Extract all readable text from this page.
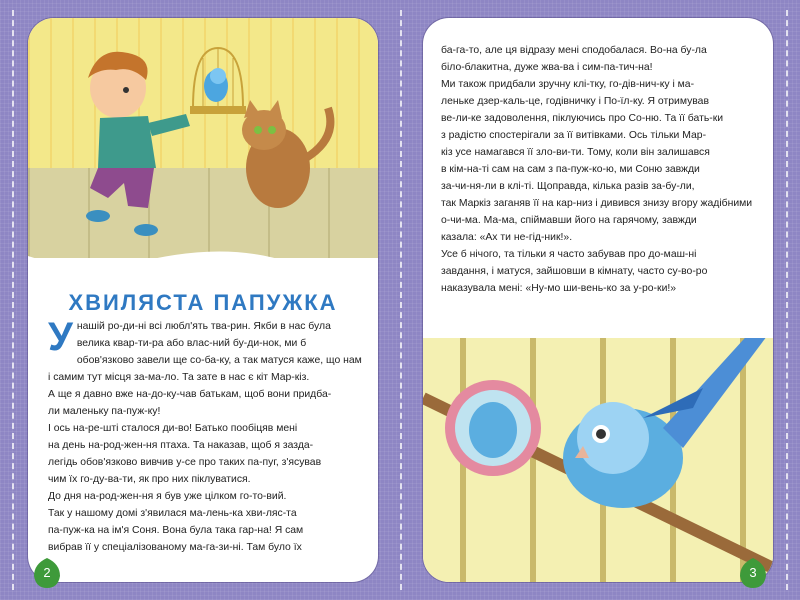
ХВИЛЯСТА ПАПУЖКА
У нашій ро-ди-ні всі любл'ять тва-рин. Якби в нас була
велика квар-ти-ра або влас-ний бу-ди-нок, ми б
обов'язково завели ще со-ба-ку, а так матуся каже, що нам
і самим тут місця за-ма-ло. Та зате в нас є кіт Мар-кіз.
А ще я давно вже на-до-ку-чав батькам, щоб вони придба-
ли маленьку па-пуж-ку!
І ось на-ре-шті сталося ди-во! Батько пообіцяв мені
на день на-род-жен-ня птаха. Та наказав, щоб я зазда-
легідь обов'язково вивчив у-се про таких па-пуг, з'ясував
чим їх го-ду-ва-ти, як про них піклуватися.
До дня на-род-жен-ня я був уже цілком го-то-вий.
Так у нашому домі з'явилася ма-лень-ка хви-ляс-та
па-пуж-ка на ім'я Соня. Вона була така гар-на! Я сам
вибрав її у спеціалізованому ма-га-зи-ні. Там було їх
ба-га-то, але ця відразу мені сподобалася. Во-на бу-ла
біло-блакитна, дуже жва-ва і сим-па-тич-на!
Ми також придбали зручну клі-тку, го-дів-нич-ку і ма-
леньке дзер-каль-це, годівничку і По-їл-ку. Я отримував
ве-ли-ке задоволення, піклуючись про Со-ню. Та її бать-ки
з радістю спостерігали за її витівками. Ось тільки Мар-
кіз усе намагався її зло-ви-ти. Тому, коли він залишався
в кім-на-ті сам на сам з па-пуж-ко-ю, ми Соню завжди
за-чи-ня-ли в клі-ті. Щоправда, кілька разів за-бу-ли,
так Маркіз заганяв її на кар-низ і дивився знизу вгору жадібними
о-чи-ма. Ма-ма, спіймавши його на гарячому, завжди
казала: «Ах ти не-гід-ник!».
Усе б нічого, та тільки я часто забував про до-маш-ні
завдання, і матуся, зайшовши в кімнату, часто су-во-ро
наказувала мені: «Ну-мо ши-вень-ко за у-ро-ки!»
2	3
